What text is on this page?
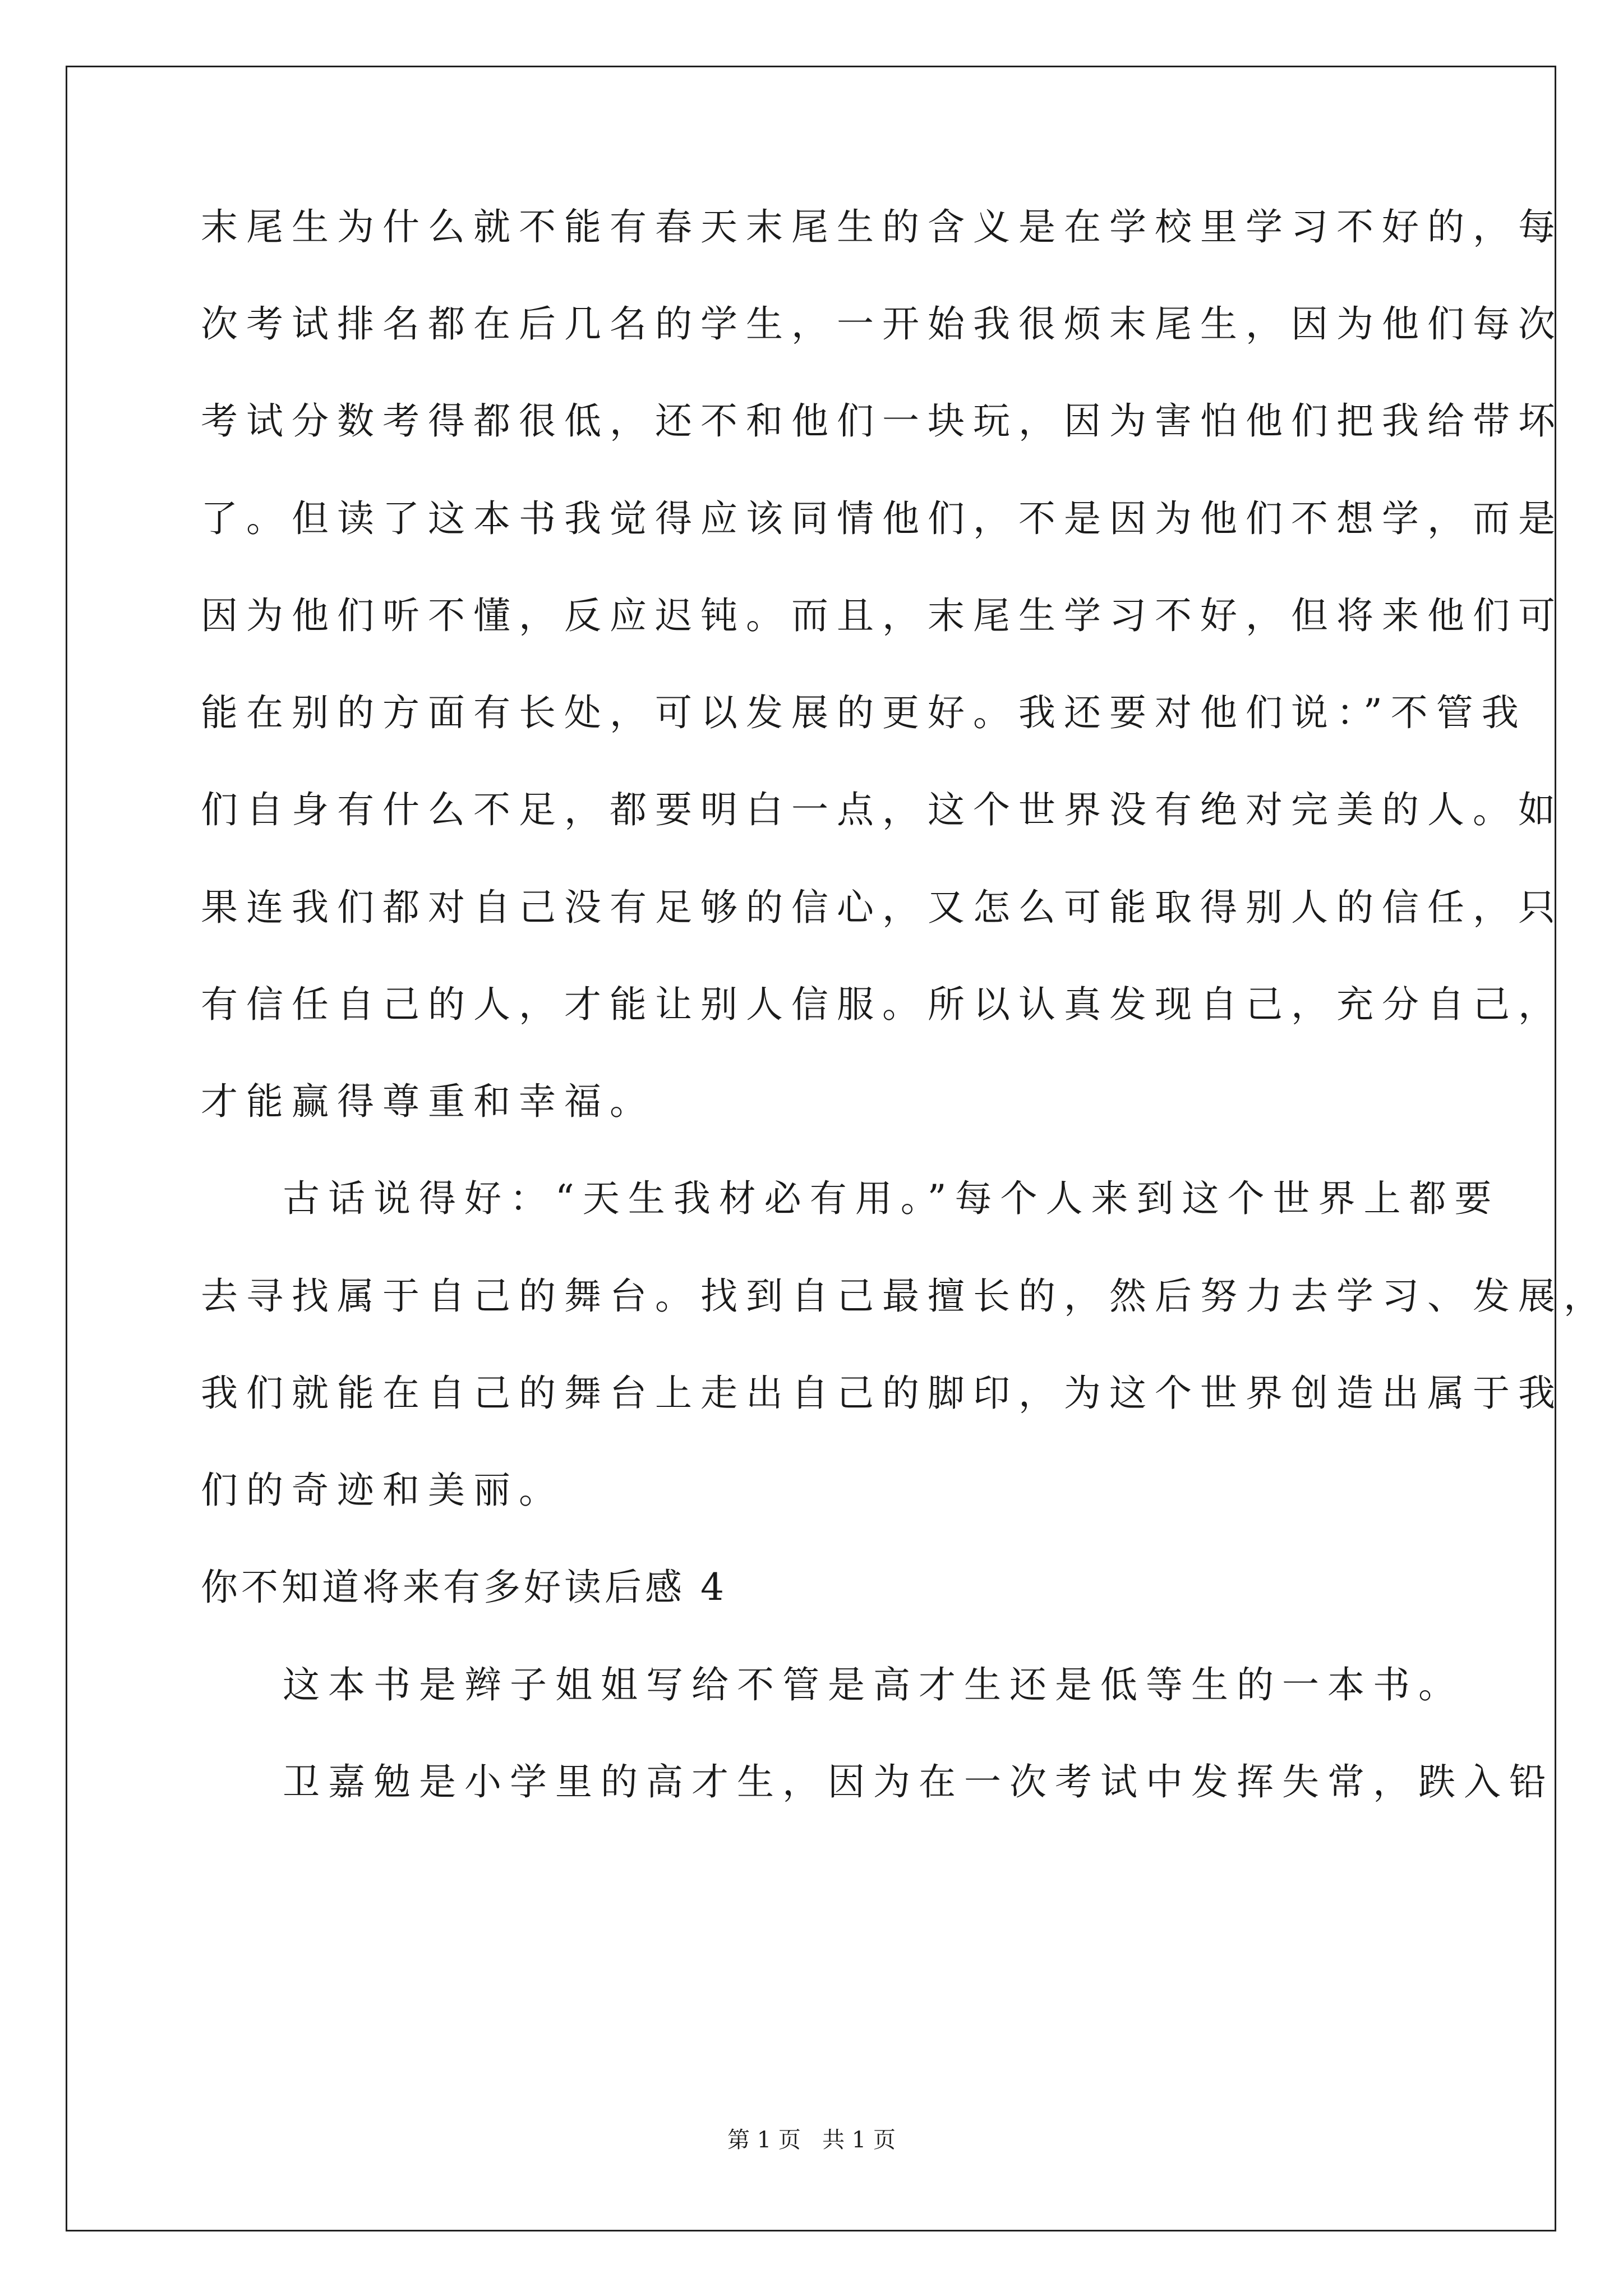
末尾生为什么就不能有春天末尾生的含义是在学校里学习不好的，每
次考试排名都在后几名的学生，一开始我很烦末尾生，因为他们每次
考试分数考得都很低，还不和他们一块玩，因为害怕他们把我给带坏
了。但读了这本书我觉得应该同情他们，不是因为他们不想学，而是
因为他们听不懂，反应迟钝。而且，末尾生学习不好，但将来他们可
能在别的方面有长处，可以发展的更好。我还要对他们说：”不管我
们自身有什么不足，都要明白一点，这个世界没有绝对完美的人。如
果连我们都对自己没有足够的信心，又怎么可能取得别人的信任，只
有信任自己的人，才能让别人信服。所以认真发现自己，充分自己，
才能赢得尊重和幸福。
古话说得好：“天生我材必有用。”每个人来到这个世界上都要
去寻找属于自己的舞台。找到自己最擅长的，然后努力去学习、发展，
我们就能在自己的舞台上走出自己的脚印，为这个世界创造出属于我
们的奇迹和美丽。
你不知道将来有多好读后感 4
这本书是辫子姐姐写给不管是高才生还是低等生的一本书。
卫嘉勉是小学里的高才生，因为在一次考试中发挥失常，跌入铅
第 1 页   共 1 页
